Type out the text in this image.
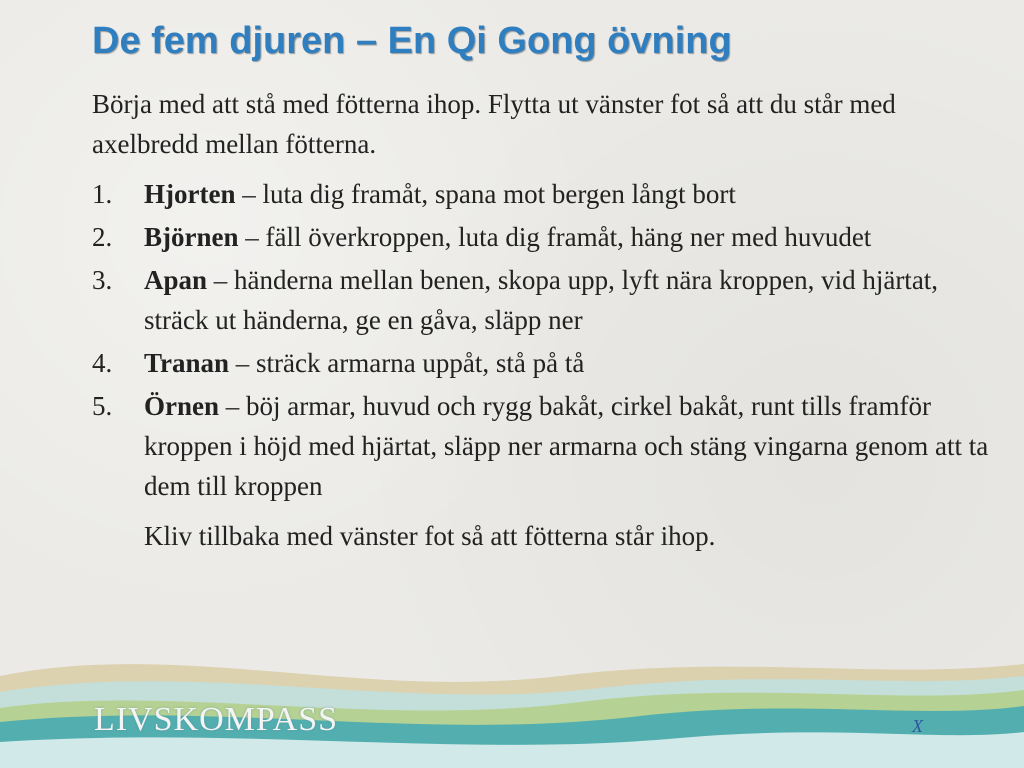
De fem djuren – En Qi Gong övning

Börja med att stå med fötterna ihop. Flytta ut vänster fot så att du står med axelbredd mellan fötterna.

1. Hjorten – luta dig framåt, spana mot bergen långt bort
2. Björnen – fäll överkroppen, luta dig framåt, häng ner med huvudet
3. Apan – händerna mellan benen, skopa upp, lyft nära kroppen, vid hjärtat, sträck ut händerna, ge en gåva, släpp ner
4. Tranan – sträck armarna uppåt, stå på tå
5. Örnen – böj armar, huvud och rygg bakåt, cirkel bakåt, runt tills framför kroppen i höjd med hjärtat, släpp ner armarna och stäng vingarna genom att ta dem till kroppen

Kliv tillbaka med vänster fot så att fötterna står ihop.

LIVSKOMPASS	X
